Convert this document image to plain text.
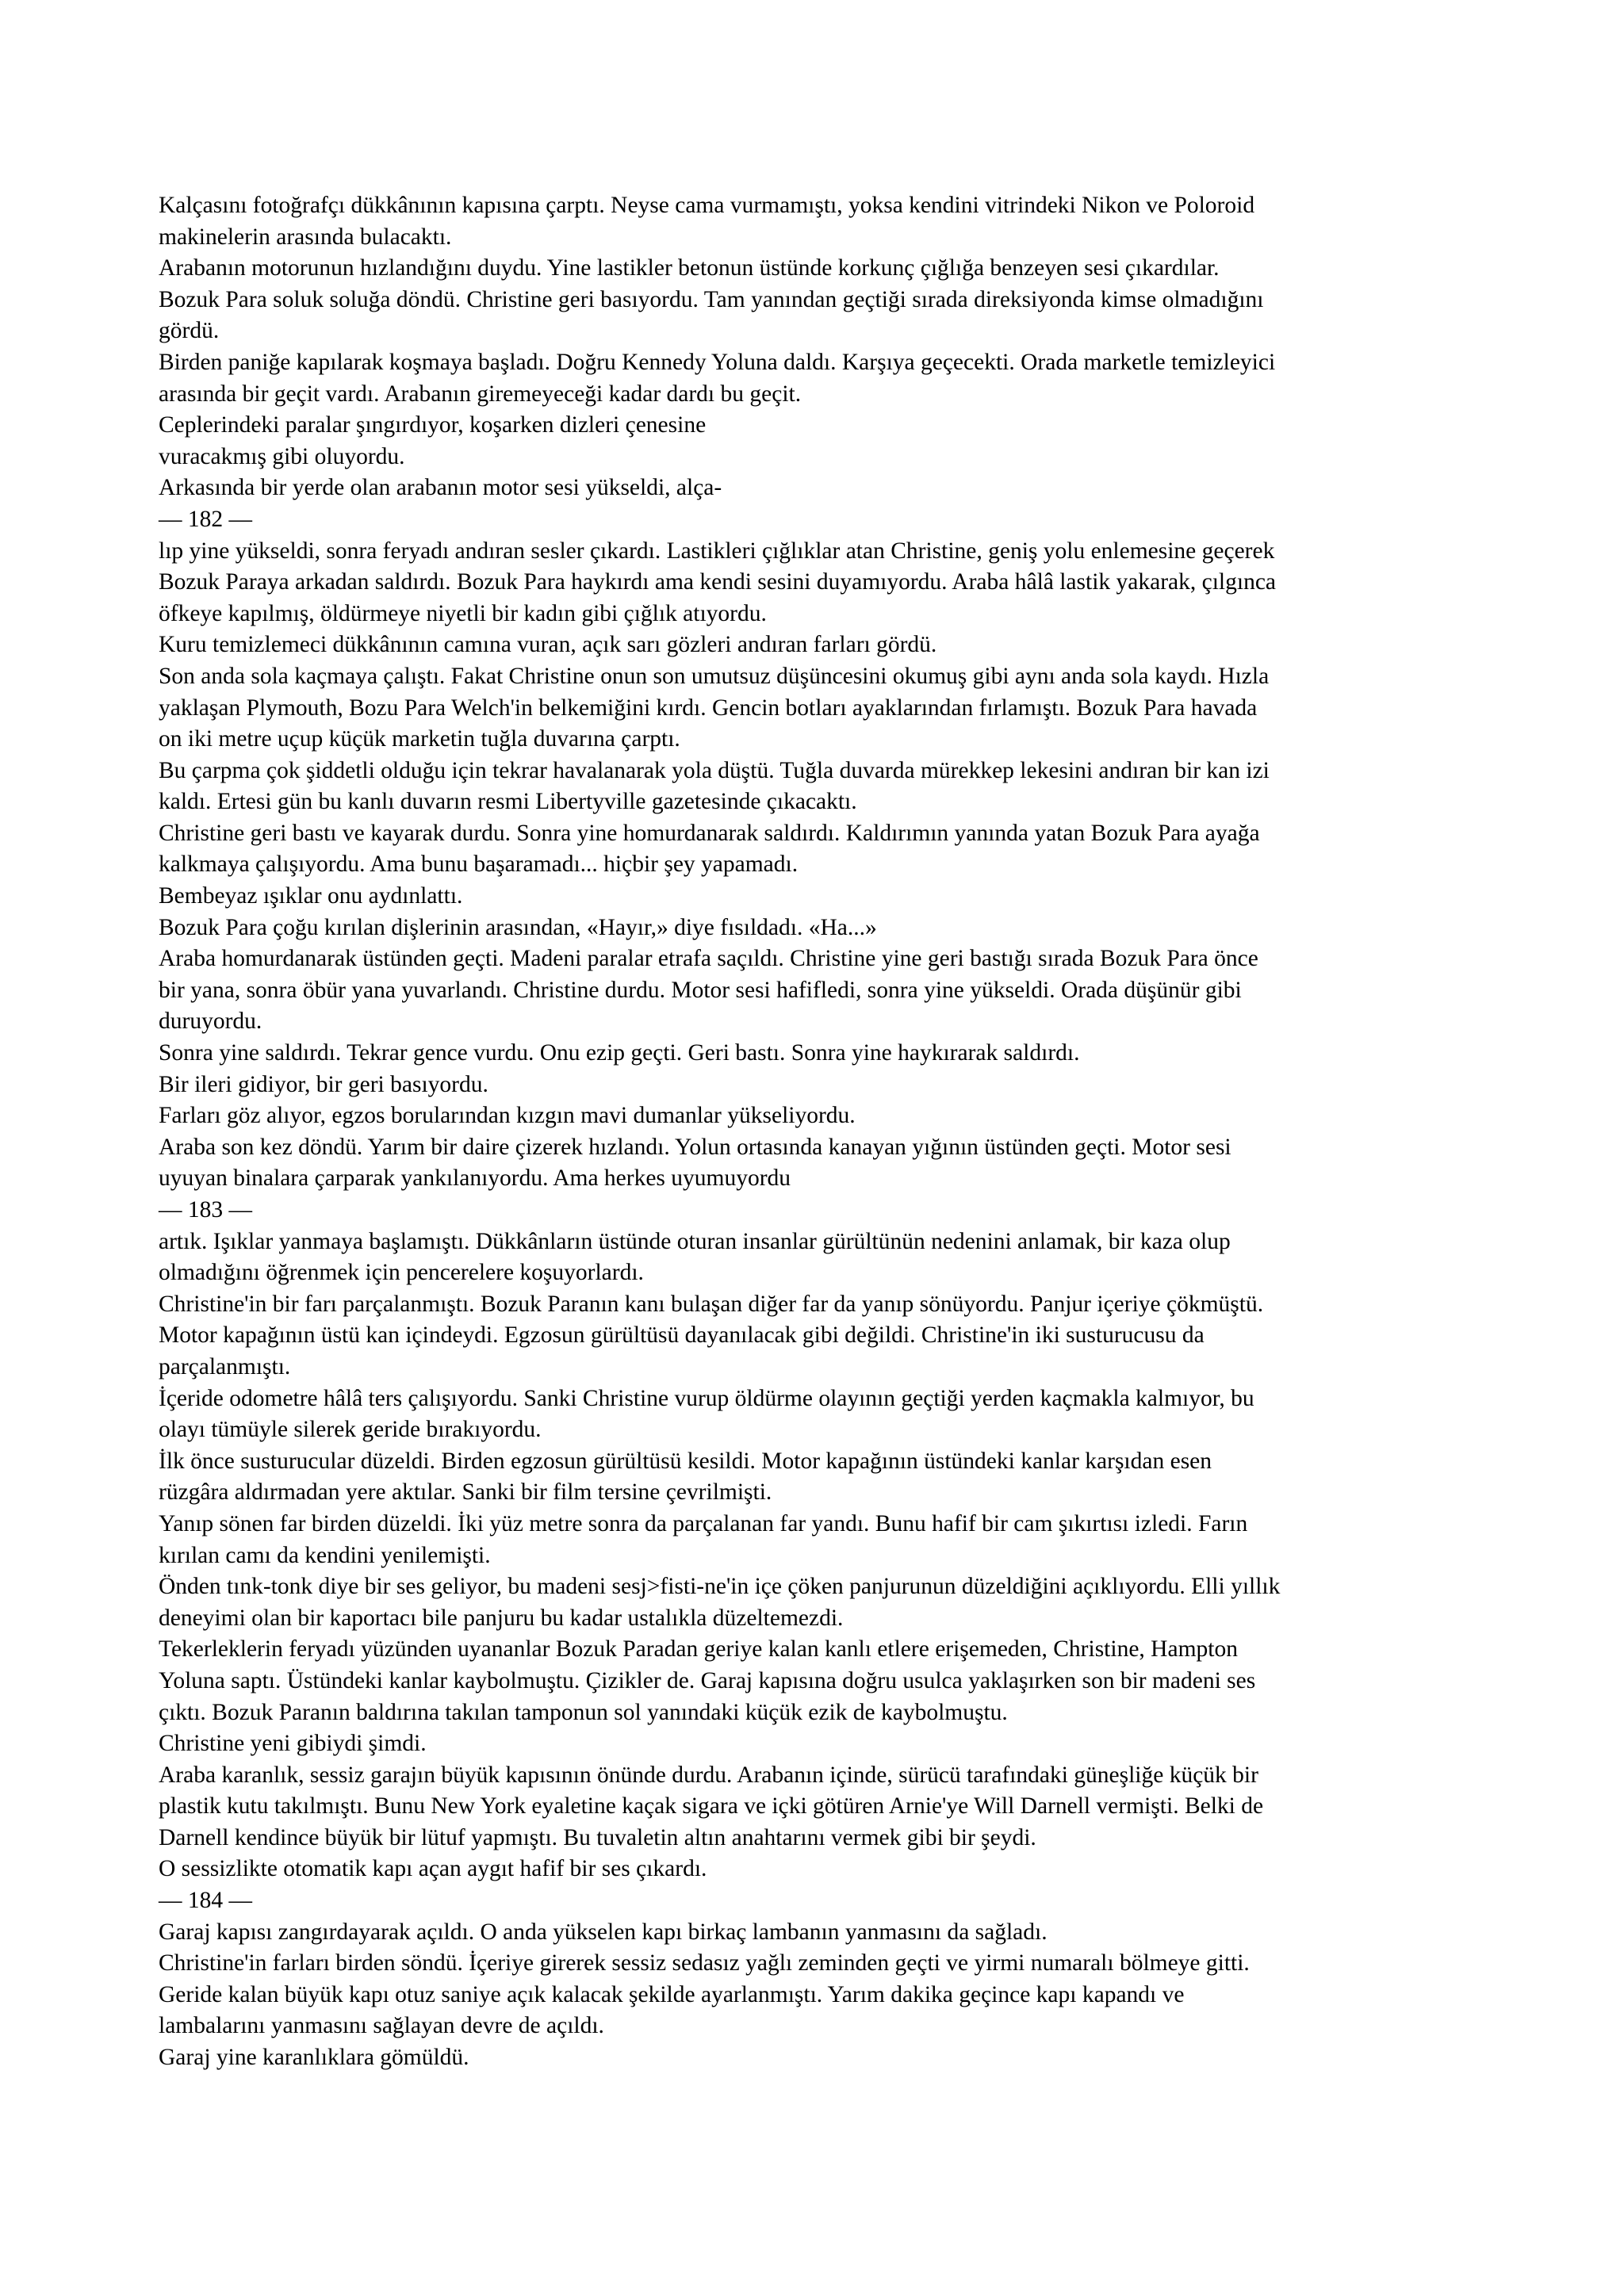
Kalçasını fotoğrafçı dükkânının kapısına çarptı. Neyse cama vurmamıştı, yoksa kendini vitrindeki Nikon ve Poloroid
makinelerin arasında bulacaktı.

Arabanın motorunun hızlandığını duydu. Yine lastikler betonun üstünde korkunç çığlığa benzeyen sesi çıkardılar.
Bozuk Para soluk soluğa döndü. Christine geri basıyordu. Tam yanından geçtiği sırada direksiyonda kimse olmadığını
gördü.

Birden paniğe kapılarak koşmaya başladı. Doğru Kennedy Yoluna daldı. Karşıya geçecekti. Orada marketle temizleyici
arasında bir geçit vardı. Arabanın giremeyeceği kadar dardı bu geçit.

Ceplerindeki paralar şıngırdıyor, koşarken dizleri çenesine
vuracakmış gibi oluyordu.

Arkasında bir yerde olan arabanın motor sesi yükseldi, alça-

— 182 —

lıp yine yükseldi, sonra feryadı andıran sesler çıkardı. Lastikleri çığlıklar atan Christine, geniş yolu enlemesine geçerek
Bozuk Paraya arkadan saldırdı. Bozuk Para haykırdı ama kendi sesini duyamıyordu. Araba hâlâ lastik yakarak, çılgınca
öfkeye kapılmış, öldürmeye niyetli bir kadın gibi çığlık atıyordu.

Kuru temizlemeci dükkânının camına vuran, açık sarı gözleri andıran farları gördü.

Son anda sola kaçmaya çalıştı. Fakat Christine onun son umutsuz düşüncesini okumuş gibi aynı anda sola kaydı. Hızla
yaklaşan Plymouth, Bozu Para Welch'in belkemiğini kırdı. Gencin botları ayaklarından fırlamıştı. Bozuk Para havada
on iki metre uçup küçük marketin tuğla duvarına çarptı.

Bu çarpma çok şiddetli olduğu için tekrar havalanarak yola düştü. Tuğla duvarda mürekkep lekesini andıran bir kan izi
kaldı. Ertesi gün bu kanlı duvarın resmi Libertyville gazetesinde çıkacaktı.

Christine geri bastı ve kayarak durdu. Sonra yine homurdanarak saldırdı. Kaldırımın yanında yatan Bozuk Para ayağa
kalkmaya çalışıyordu. Ama bunu başaramadı... hiçbir şey yapamadı.

Bembeyaz ışıklar onu aydınlattı.

Bozuk Para çoğu kırılan dişlerinin arasından, «Hayır,» diye fısıldadı. «Ha...»

Araba homurdanarak üstünden geçti. Madeni paralar etrafa saçıldı. Christine yine geri bastığı sırada Bozuk Para önce
bir yana, sonra öbür yana yuvarlandı. Christine durdu. Motor sesi hafifledi, sonra yine yükseldi. Orada düşünür gibi
duruyordu.

Sonra yine saldırdı. Tekrar gence vurdu. Onu ezip geçti. Geri bastı. Sonra yine haykırarak saldırdı.

Bir ileri gidiyor, bir geri basıyordu.

Farları göz alıyor, egzos borularından kızgın mavi dumanlar yükseliyordu.

Araba son kez döndü. Yarım bir daire çizerek hızlandı. Yolun ortasında kanayan yığının üstünden geçti. Motor sesi
uyuyan binalara çarparak yankılanıyordu. Ama herkes uyumuyordu

— 183 —

artık. Işıklar yanmaya başlamıştı. Dükkânların üstünde oturan insanlar gürültünün nedenini anlamak, bir kaza olup
olmadığını öğrenmek için pencerelere koşuyorlardı.

Christine'in bir farı parçalanmıştı. Bozuk Paranın kanı bulaşan diğer far da yanıp sönüyordu. Panjur içeriye çökmüştü.
Motor kapağının üstü kan içindeydi. Egzosun gürültüsü dayanılacak gibi değildi. Christine'in iki susturucusu da
parçalanmıştı.

İçeride odometre hâlâ ters çalışıyordu. Sanki Christine vurup öldürme olayının geçtiği yerden kaçmakla kalmıyor, bu
olayı tümüyle silerek geride bırakıyordu.

İlk önce susturucular düzeldi. Birden egzosun gürültüsü kesildi. Motor kapağının üstündeki kanlar karşıdan esen
rüzgâra aldırmadan yere aktılar. Sanki bir film tersine çevrilmişti.

Yanıp sönen far birden düzeldi. İki yüz metre sonra da parçalanan far yandı. Bunu hafif bir cam şıkırtısı izledi. Farın
kırılan camı da kendini yenilemişti.

Önden tınk-tonk diye bir ses geliyor, bu madeni sesj>fisti-ne'in içe çöken panjurunun düzeldiğini açıklıyordu. Elli yıllık
deneyimi olan bir kaportacı bile panjuru bu kadar ustalıkla düzeltemezdi.

Tekerleklerin feryadı yüzünden uyananlar Bozuk Paradan geriye kalan kanlı etlere erişemeden, Christine, Hampton
Yoluna saptı. Üstündeki kanlar kaybolmuştu. Çizikler de. Garaj kapısına doğru usulca yaklaşırken son bir madeni ses
çıktı. Bozuk Paranın baldırına takılan tamponun sol yanındaki küçük ezik de kaybolmuştu.

Christine yeni gibiydi şimdi.

Araba karanlık, sessiz garajın büyük kapısının önünde durdu. Arabanın içinde, sürücü tarafındaki güneşliğe küçük bir
plastik kutu takılmıştı. Bunu New York eyaletine kaçak sigara ve içki götüren Arnie'ye Will Darnell vermişti. Belki de
Darnell kendince büyük bir lütuf yapmıştı. Bu tuvaletin altın anahtarını vermek gibi bir şeydi.

O sessizlikte otomatik kapı açan aygıt hafif bir ses çıkardı.

— 184 —

Garaj kapısı zangırdayarak açıldı. O anda yükselen kapı birkaç lambanın yanmasını da sağladı.

Christine'in farları birden söndü. İçeriye girerek sessiz sedasız yağlı zeminden geçti ve yirmi numaralı bölmeye gitti.
Geride kalan büyük kapı otuz saniye açık kalacak şekilde ayarlanmıştı. Yarım dakika geçince kapı kapandı ve
lambalarını yanmasını sağlayan devre de açıldı.

Garaj yine karanlıklara gömüldü.
